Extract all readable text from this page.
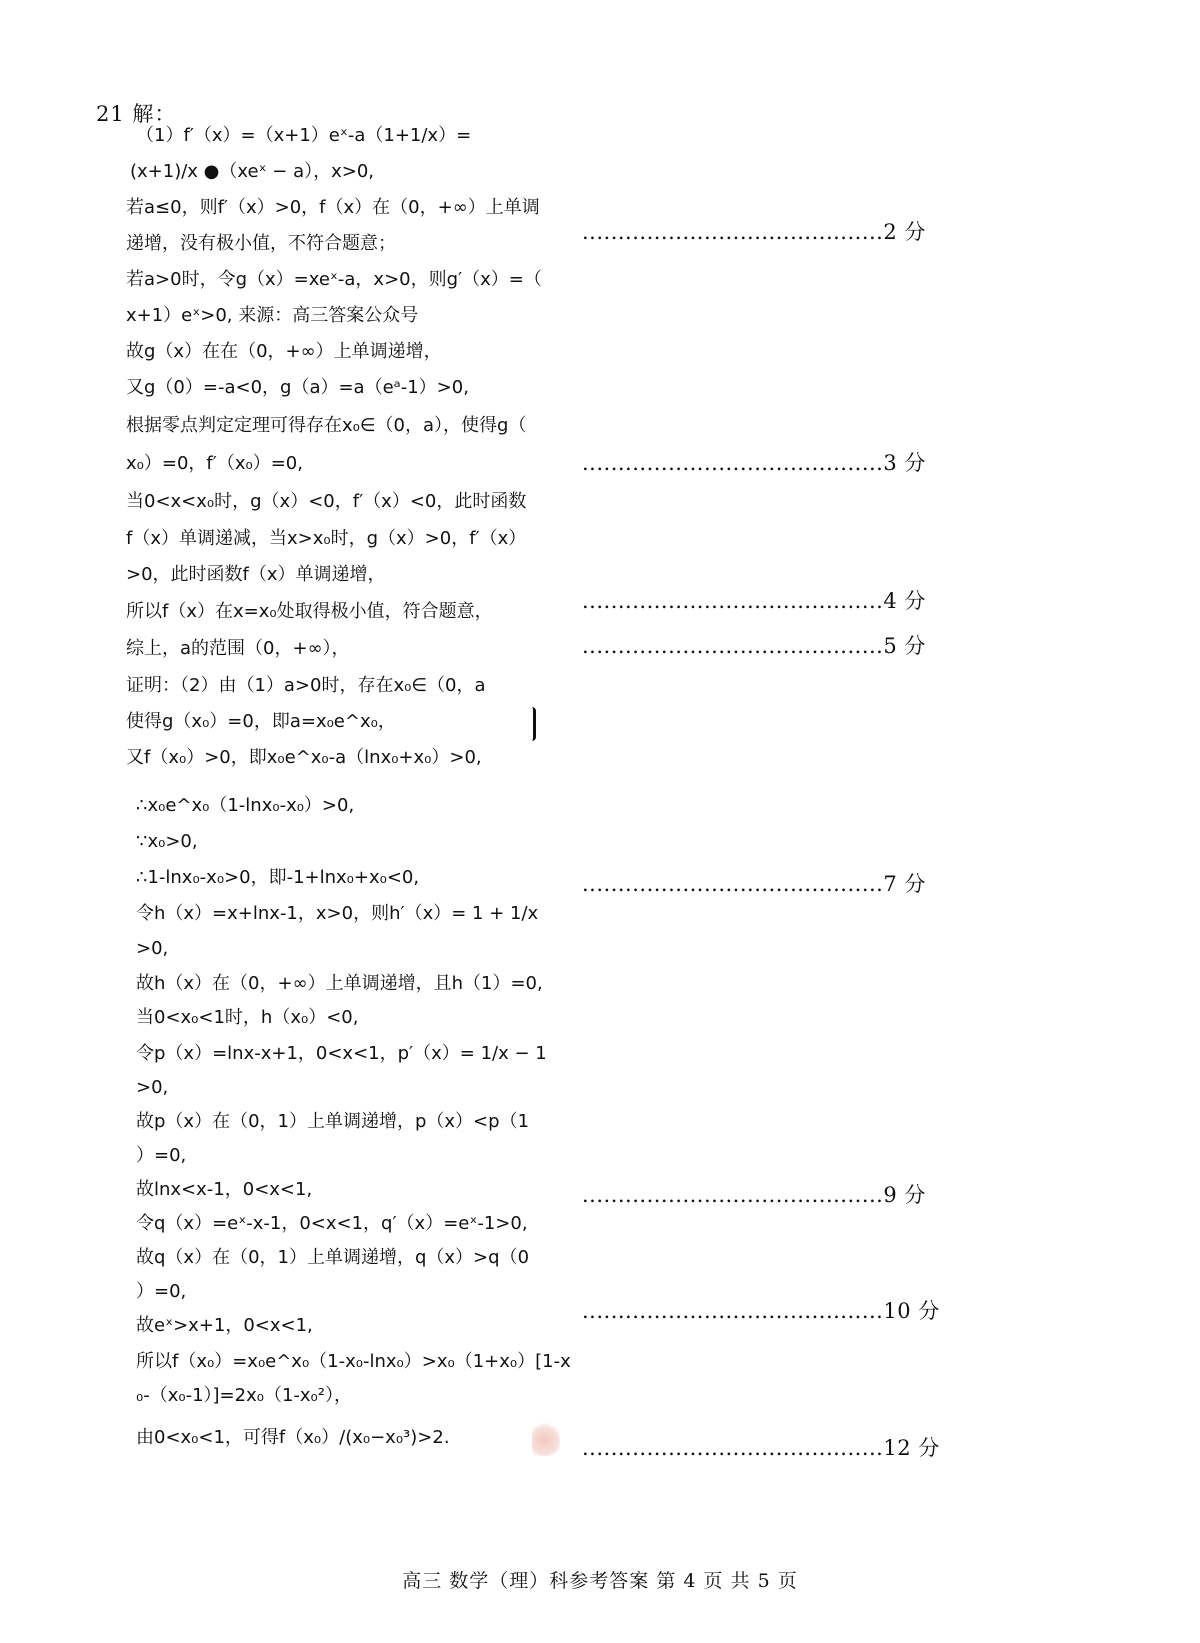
21 解：
（1）f′（x）=（x+1）eˣ-a（1+1/x）=
(x+1)/x ●（xeˣ − a），x>0,
若a≤0，则f′（x）>0，f（x）在（0，+∞）上单调
递增，没有极小值，不符合题意；
若a>0时，令g（x）=xeˣ-a，x>0，则g′（x）=（
x+1）eˣ>0, 来源：高三答案公众号
故g（x）在在（0，+∞）上单调递增，
又g（0）=-a<0，g（a）=a（eᵃ-1）>0,
根据零点判定定理可得存在x₀∈（0，a），使得g（
x₀）=0，f′（x₀）=0,
当0<x<x₀时，g（x）<0，f′（x）<0，此时函数
f（x）单调递减，当x>x₀时，g（x）>0，f′（x）
>0，此时函数f（x）单调递增，
所以f（x）在x=x₀处取得极小值，符合题意，
综上，a的范围（0，+∞），
证明：（2）由（1）a>0时，存在x₀∈（0，a
使得g（x₀）=0，即a=x₀e^x₀，
又f（x₀）>0，即x₀e^x₀-a（lnx₀+x₀）>0,
∴x₀e^x₀（1-lnx₀-x₀）>0,
∵x₀>0,
∴1-lnx₀-x₀>0，即-1+lnx₀+x₀<0,
令h（x）=x+lnx-1，x>0，则h′（x）= 1 + 1/x
>0,
故h（x）在（0，+∞）上单调递增，且h（1）=0,
当0<x₀<1时，h（x₀）<0,
令p（x）=lnx-x+1，0<x<1，p′（x）= 1/x − 1
>0,
故p（x）在（0，1）上单调递增，p（x）<p（1
）=0,
故lnx<x-1，0<x<1,
令q（x）=eˣ-x-1，0<x<1，q′（x）=eˣ-1>0,
故q（x）在（0，1）上单调递增，q（x）>q（0
）=0,
故eˣ>x+1，0<x<1,
所以f（x₀）=x₀e^x₀（1-x₀-lnx₀）>x₀（1+x₀）[1-x
₀-（x₀-1）]=2x₀（1-x₀²），
由0<x₀<1，可得f（x₀）/(x₀−x₀³)>2.
..........................................2 分
..........................................3 分
..........................................4 分
..........................................5 分
..........................................7 分
..........................................9 分
..........................................10 分
..........................................12 分
高三 数学（理）科参考答案 第 4 页 共 5 页
